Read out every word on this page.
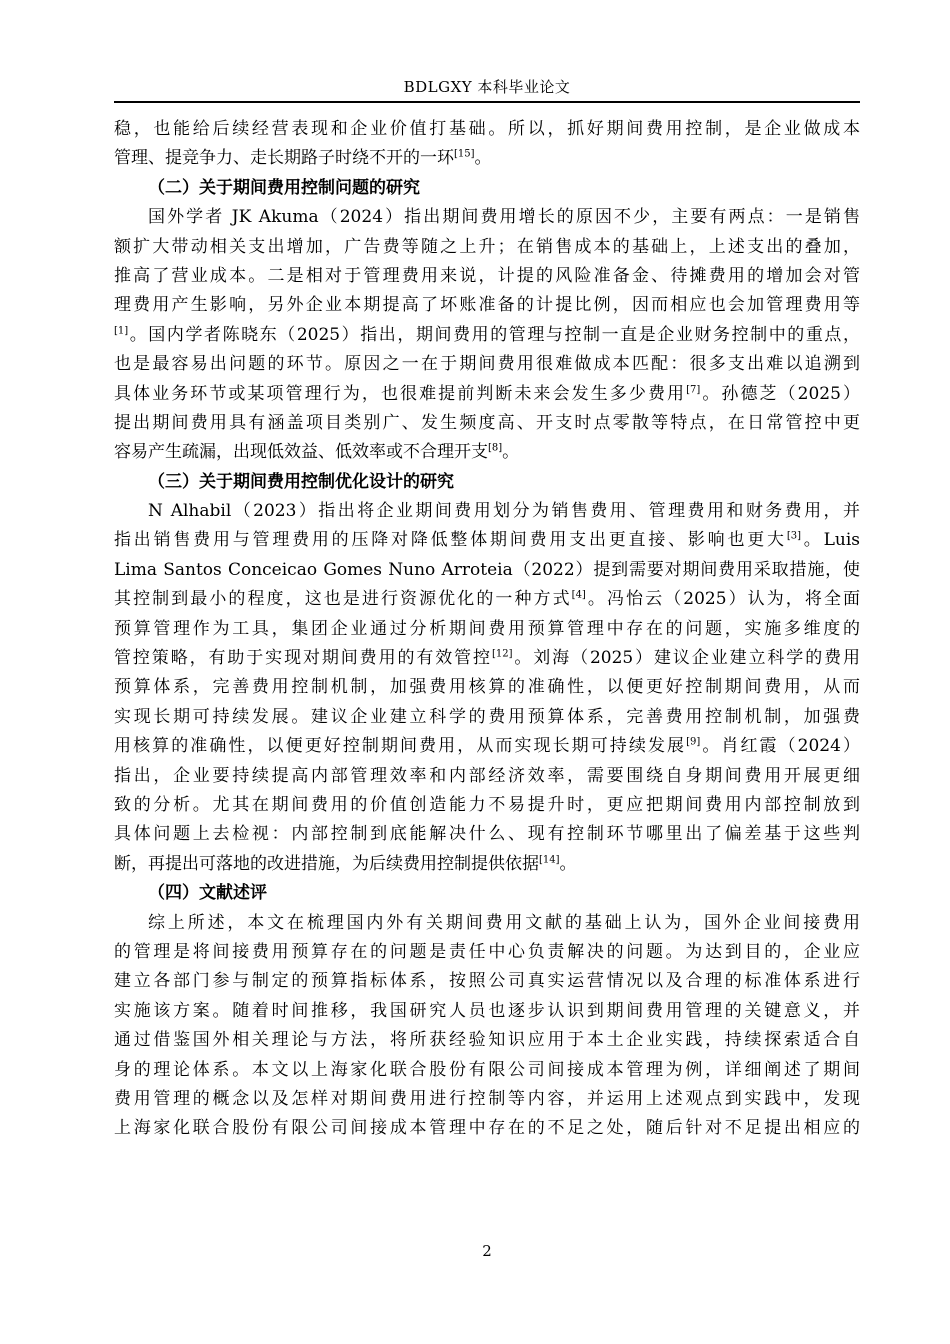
BDLGXY 本科毕业论文
稳，也能给后续经营表现和企业价值打基础。所以，抓好期间费用控制，是企业做成本
管理、提竞争力、走长期路子时绕不开的一环[15]。
（二）关于期间费用控制问题的研究
国外学者 JK Akuma（2024）指出期间费用增长的原因不少，主要有两点：一是销售
额扩大带动相关支出增加，广告费等随之上升；在销售成本的基础上，上述支出的叠加，
推高了营业成本。二是相对于管理费用来说，计提的风险准备金、待摊费用的增加会对管
理费用产生影响，另外企业本期提高了坏账准备的计提比例，因而相应也会加管理费用等
[1]。国内学者陈晓东（2025）指出，期间费用的管理与控制一直是企业财务控制中的重点，
也是最容易出问题的环节。原因之一在于期间费用很难做成本匹配：很多支出难以追溯到
具体业务环节或某项管理行为，也很难提前判断未来会发生多少费用[7]。孙德芝（2025）
提出期间费用具有涵盖项目类别广、发生频度高、开支时点零散等特点，在日常管控中更
容易产生疏漏，出现低效益、低效率或不合理开支[8]。
（三）关于期间费用控制优化设计的研究
N Alhabil（2023）指出将企业期间费用划分为销售费用、管理费用和财务费用，并
指出销售费用与管理费用的压降对降低整体期间费用支出更直接、影响也更大[3]。Luis
Lima Santos Conceicao Gomes Nuno Arroteia（2022）提到需要对期间费用采取措施，使
其控制到最小的程度，这也是进行资源优化的一种方式[4]。冯怡云（2025）认为，将全面
预算管理作为工具，集团企业通过分析期间费用预算管理中存在的问题，实施多维度的
管控策略，有助于实现对期间费用的有效管控[12]。刘海（2025）建议企业建立科学的费用
预算体系，完善费用控制机制，加强费用核算的准确性，以便更好控制期间费用，从而
实现长期可持续发展。建议企业建立科学的费用预算体系，完善费用控制机制，加强费
用核算的准确性，以便更好控制期间费用，从而实现长期可持续发展[9]。肖红霞（2024）
指出，企业要持续提高内部管理效率和内部经济效率，需要围绕自身期间费用开展更细
致的分析。尤其在期间费用的价值创造能力不易提升时，更应把期间费用内部控制放到
具体问题上去检视：内部控制到底能解决什么、现有控制环节哪里出了偏差基于这些判
断，再提出可落地的改进措施，为后续费用控制提供依据[14]。
（四）文献述评
综上所述，本文在梳理国内外有关期间费用文献的基础上认为，国外企业间接费用
的管理是将间接费用预算存在的问题是责任中心负责解决的问题。为达到目的，企业应
建立各部门参与制定的预算指标体系，按照公司真实运营情况以及合理的标准体系进行
实施该方案。随着时间推移，我国研究人员也逐步认识到期间费用管理的关键意义，并
通过借鉴国外相关理论与方法，将所获经验知识应用于本土企业实践，持续探索适合自
身的理论体系。本文以上海家化联合股份有限公司间接成本管理为例，详细阐述了期间
费用管理的概念以及怎样对期间费用进行控制等内容，并运用上述观点到实践中，发现
上海家化联合股份有限公司间接成本管理中存在的不足之处，随后针对不足提出相应的
2
